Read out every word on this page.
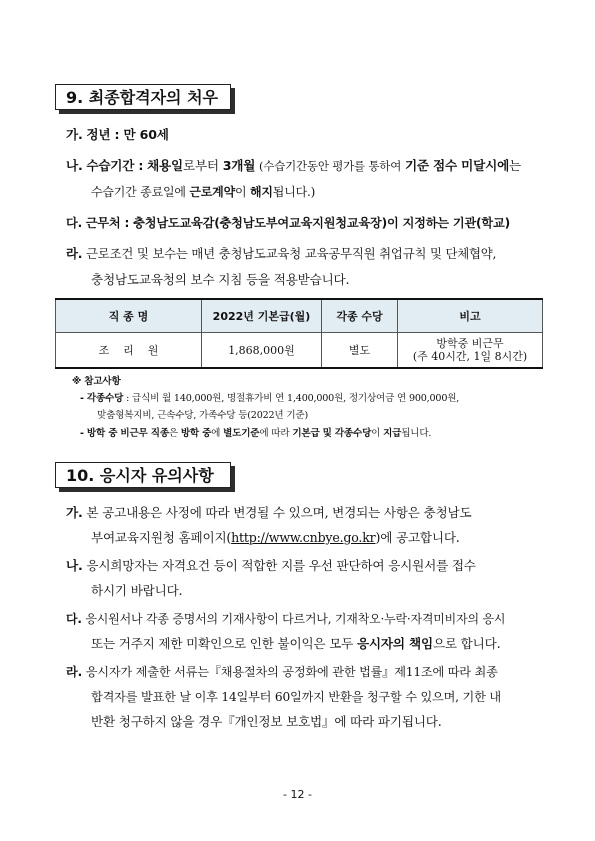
9. 최종합격자의 처우
가. 정년 : 만 60세
나. 수습기간 : 채용일로부터 3개월 (수습기간동안 평가를 통하여 기준 점수 미달시에는
수습기간 종료일에 근로계약이 해지됩니다.)
다. 근무처 : 충청남도교육감(충청남도부여교육지원청교육장)이 지정하는 기관(학교)
라. 근로조건 및 보수는 매년 충청남도교육청 교육공무직원 취업규칙 및 단체협약,
충청남도교육청의 보수 지침 등을 적용받습니다.
직 종 명	2022년 기본급(월)	각종 수당	비고
조    리    원	1,868,000원	별도	방학중 비근무
(주 40시간, 1일 8시간)
※ 참고사항
- 각종수당 : 급식비 월 140,000원, 명절휴가비 연 1,400,000원, 정기상여금 연 900,000원,
맞춤형복지비, 근속수당, 가족수당 등(2022년 기준)
- 방학 중 비근무 직종은 방학 중에 별도기준에 따라 기본급 및 각종수당이 지급됩니다.
10. 응시자 유의사항
가. 본 공고내용은 사정에 따라 변경될 수 있으며, 변경되는 사항은 충청남도
부여교육지원청 홈페이지(http://www.cnbye.go.kr)에 공고합니다.
나. 응시희망자는 자격요건 등이 적합한 지를 우선 판단하여 응시원서를 접수
하시기 바랍니다.
다. 응시원서나 각종 증명서의 기재사항이 다르거나, 기재착오·누락·자격미비자의 응시
또는 거주지 제한 미확인으로 인한 불이익은 모두 응시자의 책임으로 합니다.
라. 응시자가 제출한 서류는『채용절차의 공정화에 관한 법률』제11조에 따라 최종
합격자를 발표한 날 이후 14일부터 60일까지 반환을 청구할 수 있으며, 기한 내
반환 청구하지 않을 경우『개인정보 보호법』에 따라 파기됩니다.
- 12 -
